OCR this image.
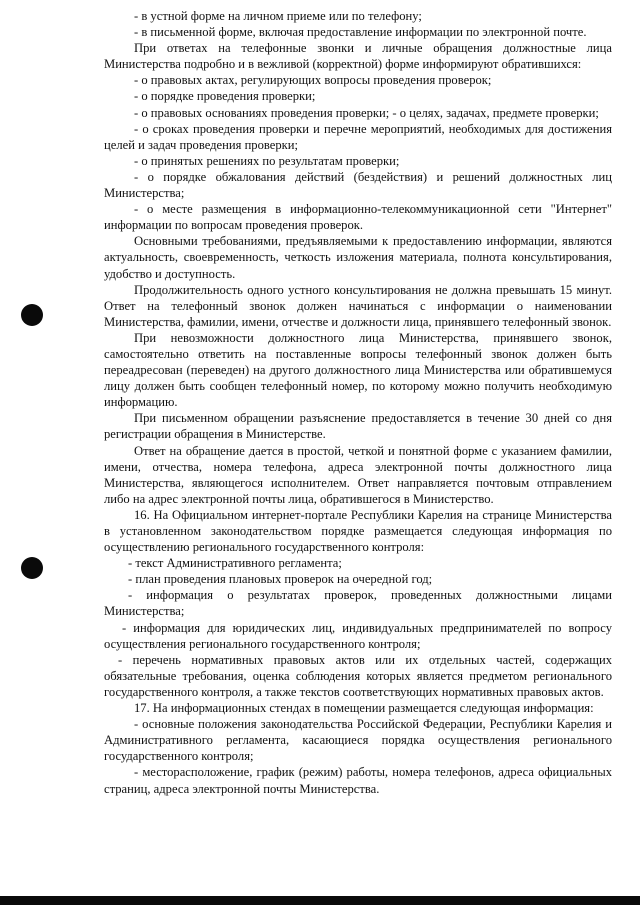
- в устной форме на личном приеме или по телефону;

- в письменной форме, включая предоставление информации по электронной почте.

При ответах на телефонные звонки и личные обращения должностные лица Министерства подробно и в вежливой (корректной) форме информируют обратившихся:

- о правовых актах, регулирующих вопросы проведения проверок;

- о порядке проведения проверки;

- о правовых основаниях проведения проверки; - о целях, задачах, предмете проверки;

- о сроках проведения проверки и перечне мероприятий, необходимых для достижения целей и задач проведения проверки;

- о принятых решениях по результатам проверки;

- о порядке обжалования действий (бездействия) и решений должностных лиц Министерства;

- о месте размещения в информационно-телекоммуникационной сети "Интернет" информации по вопросам проведения проверок.

Основными требованиями, предъявляемыми к предоставлению информации, являются актуальность, своевременность, четкость изложения материала, полнота консультирования, удобство и доступность.

Продолжительность одного устного консультирования не должна превышать 15 минут. Ответ на телефонный звонок должен начинаться с информации о наименовании Министерства, фамилии, имени, отчестве и должности лица, принявшего телефонный звонок.

При невозможности должностного лица Министерства, принявшего звонок, самостоятельно ответить на поставленные вопросы телефонный звонок должен быть переадресован (переведен) на другого должностного лица Министерства или обратившемуся лицу должен быть сообщен телефонный номер, по которому можно получить необходимую информацию.

При письменном обращении разъяснение предоставляется в течение 30 дней со дня регистрации обращения в Министерстве.

Ответ на обращение дается в простой, четкой и понятной форме с указанием фамилии, имени, отчества, номера телефона, адреса электронной почты должностного лица Министерства, являющегося исполнителем. Ответ направляется почтовым отправлением либо на адрес электронной почты лица, обратившегося в Министерство.

16. На Официальном интернет-портале Республики Карелия на странице Министерства в установленном законодательством порядке размещается следующая информация по осуществлению регионального государственного контроля:

- текст Административного регламента;

- план проведения плановых проверок на очередной год;

- информация о результатах проверок, проведенных должностными лицами Министерства;

- информация для юридических лиц, индивидуальных предпринимателей по вопросу осуществления регионального государственного контроля;

- перечень нормативных правовых актов или их отдельных частей, содержащих обязательные требования, оценка соблюдения которых является предметом регионального государственного контроля, а также текстов соответствующих нормативных правовых актов.

17. На информационных стендах в помещении размещается следующая информация:

- основные положения законодательства Российской Федерации, Республики Карелия и Административного регламента, касающиеся порядка осуществления регионального государственного контроля;

- месторасположение, график (режим) работы, номера телефонов, адреса официальных страниц, адреса электронной почты Министерства.
